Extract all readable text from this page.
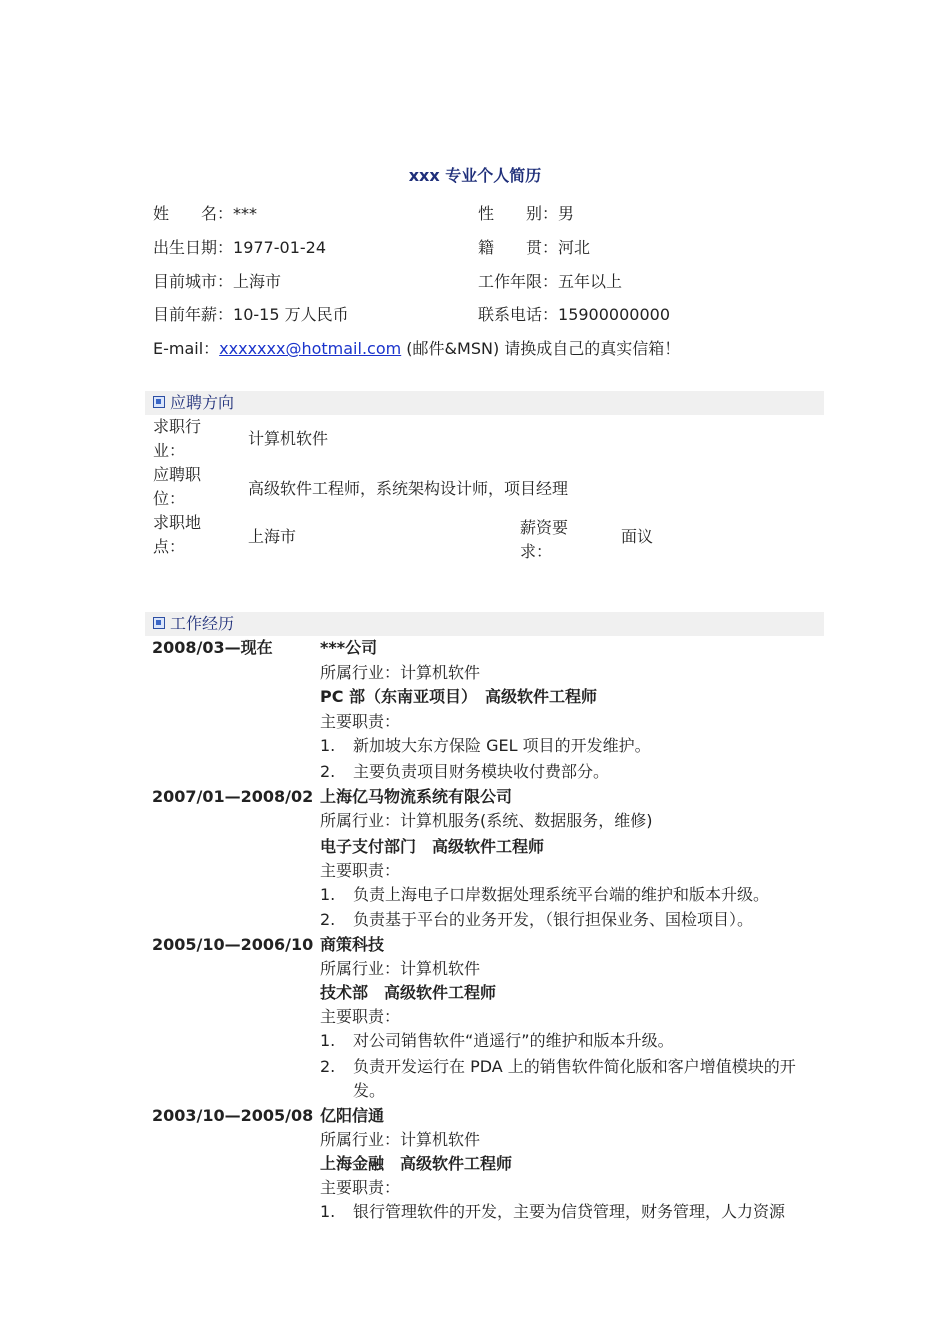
xxx 专业个人简历
姓　　名：***	性　　别：男
出生日期：1977-01-24	籍　　贯：河北
目前城市：上海市	工作年限：五年以上
目前年薪：10-15 万人民币	联系电话：15900000000
E-mail：xxxxxxx@hotmail.com (邮件&MSN) 请换成自己的真实信箱！
应聘方向
求职行业：
计算机软件
应聘职位：
高级软件工程师，系统架构设计师，项目经理
求职地点：
上海市	薪资要求：
面议
工作经历
2008/03—现在	***公司
所属行业：计算机软件
PC 部（东南亚项目）　高级软件工程师
主要职责：
1. 新加坡大东方保险 GEL 项目的开发维护。
2. 主要负责项目财务模块收付费部分。
2007/01—2008/02 上海亿马物流系统有限公司
所属行业：计算机服务(系统、数据服务，维修)
电子支付部门　高级软件工程师
主要职责：
1. 负责上海电子口岸数据处理系统平台端的维护和版本升级。
2. 负责基于平台的业务开发，（银行担保业务、国检项目）。
2005/10—2006/10 商策科技
所属行业：计算机软件
技术部　高级软件工程师
主要职责：
1. 对公司销售软件“逍遥行”的维护和版本升级。
2. 负责开发运行在 PDA 上的销售软件简化版和客户增值模块的开发。
2003/10—2005/08 亿阳信通
所属行业：计算机软件
上海金融　高级软件工程师
主要职责：
1. 银行管理软件的开发，主要为信贷管理，财务管理，人力资源
